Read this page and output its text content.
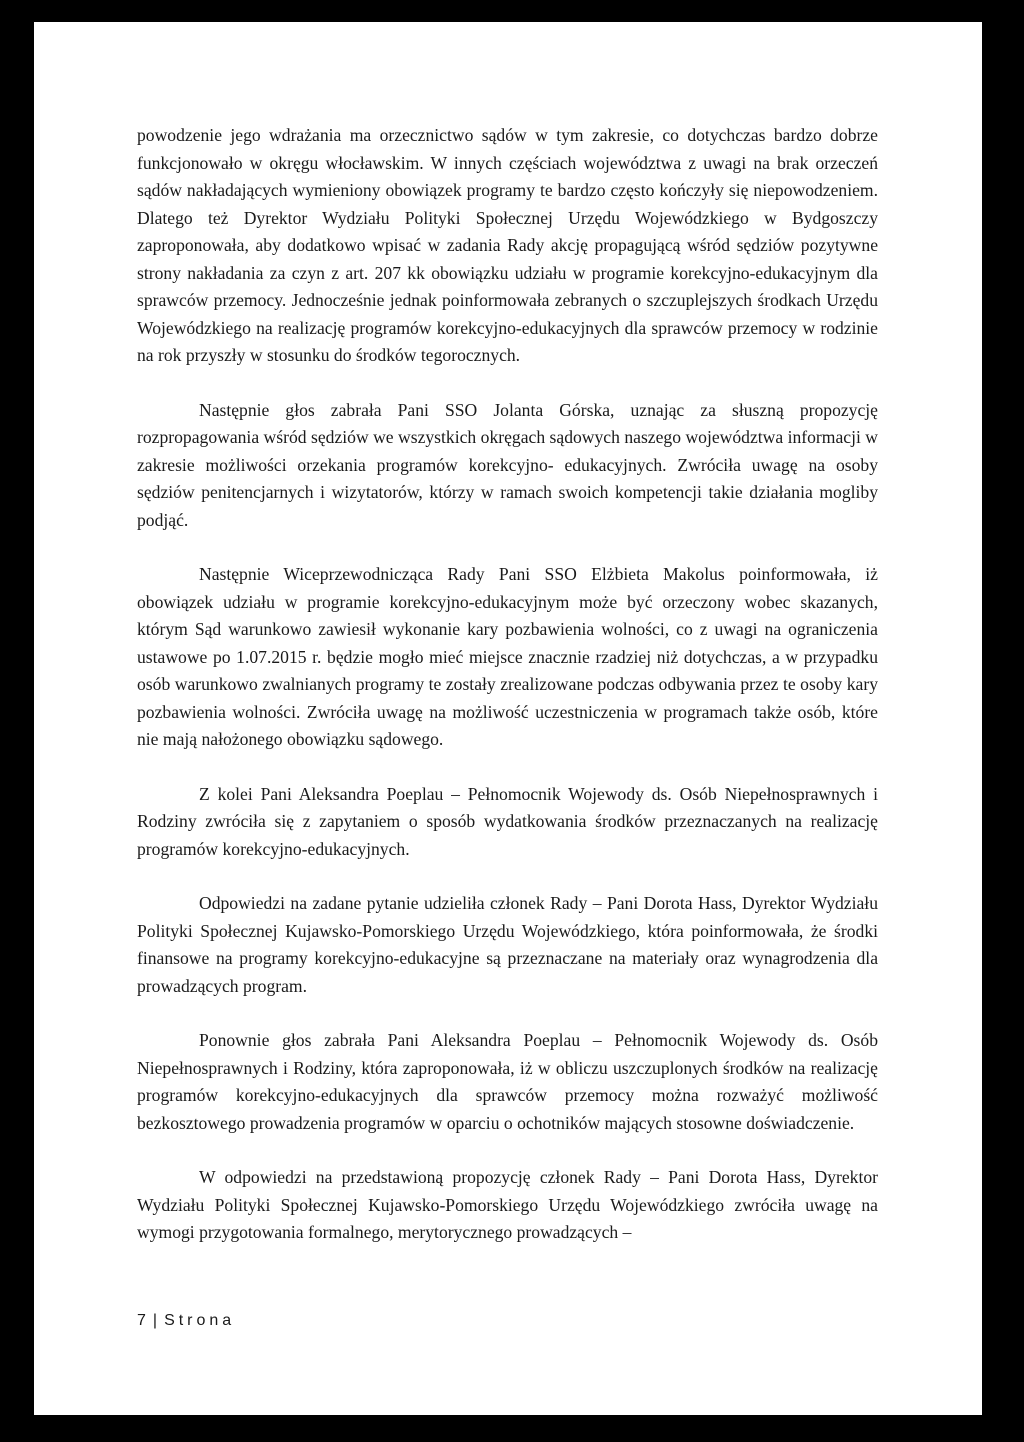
powodzenie jego wdrażania ma orzecznictwo sądów w tym zakresie, co dotychczas bardzo dobrze funkcjonowało w okręgu włocławskim. W innych częściach województwa z uwagi na brak orzeczeń sądów nakładających wymieniony obowiązek programy te bardzo często kończyły się niepowodzeniem. Dlatego też Dyrektor Wydziału Polityki Społecznej Urzędu Wojewódzkiego w Bydgoszczy zaproponowała, aby dodatkowo wpisać w zadania Rady akcję propagującą wśród sędziów pozytywne strony nakładania za czyn z art. 207 kk obowiązku udziału w programie korekcyjno-edukacyjnym dla sprawców przemocy. Jednocześnie jednak poinformowała zebranych o szczuplejszych środkach Urzędu Wojewódzkiego na realizację programów korekcyjno-edukacyjnych dla sprawców przemocy w rodzinie na rok przyszły w stosunku do środków tegorocznych.

Następnie głos zabrała Pani SSO Jolanta Górska, uznając za słuszną propozycję rozpropagowania wśród sędziów we wszystkich okręgach sądowych naszego województwa informacji w zakresie możliwości orzekania programów korekcyjno- edukacyjnych. Zwróciła uwagę na osoby sędziów penitencjarnych i wizytatorów, którzy w ramach swoich kompetencji takie działania mogliby podjąć.

Następnie Wiceprzewodnicząca Rady Pani SSO Elżbieta Makolus poinformowała, iż obowiązek udziału w programie korekcyjno-edukacyjnym może być orzeczony wobec skazanych, którym Sąd warunkowo zawiesił wykonanie kary pozbawienia wolności, co z uwagi na ograniczenia ustawowe po 1.07.2015 r. będzie mogło mieć miejsce znacznie rzadziej niż dotychczas, a w przypadku osób warunkowo zwalnianych programy te zostały zrealizowane podczas odbywania przez te osoby kary pozbawienia wolności. Zwróciła uwagę na możliwość uczestniczenia w programach także osób, które nie mają nałożonego obowiązku sądowego.

Z kolei Pani Aleksandra Poeplau – Pełnomocnik Wojewody ds. Osób Niepełnosprawnych i Rodziny zwróciła się z zapytaniem o sposób wydatkowania środków przeznaczanych na realizację programów korekcyjno-edukacyjnych.

Odpowiedzi na zadane pytanie udzieliła członek Rady – Pani Dorota Hass, Dyrektor Wydziału Polityki Społecznej Kujawsko-Pomorskiego Urzędu Wojewódzkiego, która poinformowała, że środki finansowe na programy korekcyjno-edukacyjne są przeznaczane na materiały oraz wynagrodzenia dla prowadzących program.

Ponownie głos zabrała Pani Aleksandra Poeplau – Pełnomocnik Wojewody ds. Osób Niepełnosprawnych i Rodziny, która zaproponowała, iż w obliczu uszczuplonych środków na realizację programów korekcyjno-edukacyjnych dla sprawców przemocy można rozważyć możliwość bezkosztowego prowadzenia programów w oparciu o ochotników mających stosowne doświadczenie.

W odpowiedzi na przedstawioną propozycję członek Rady – Pani Dorota Hass, Dyrektor Wydziału Polityki Społecznej Kujawsko-Pomorskiego Urzędu Wojewódzkiego zwróciła uwagę na wymogi przygotowania formalnego, merytorycznego prowadzących –

7 | Strona
